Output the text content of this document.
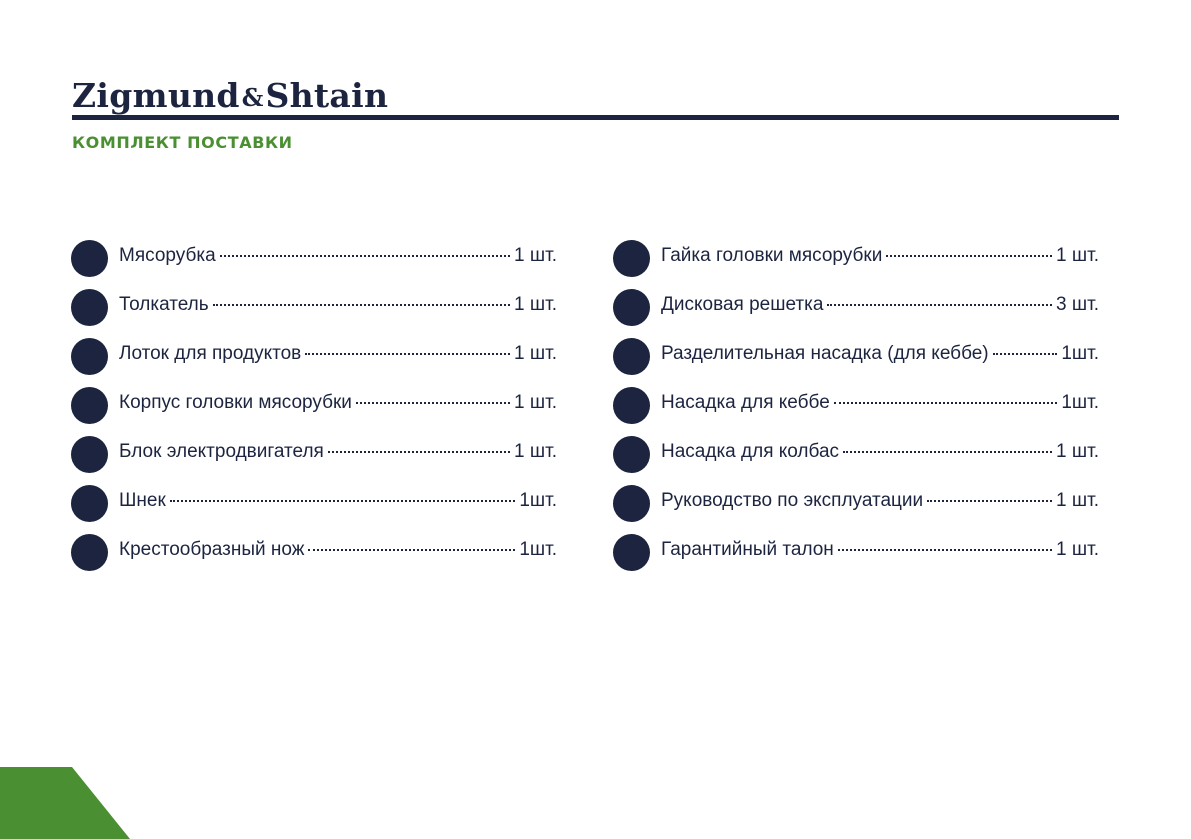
Zigmund & Shtain
КОМПЛЕКТ ПОСТАВКИ
Мясорубка	1 шт.
Толкатель	1 шт.
Лоток для продуктов	1 шт.
Корпус головки мясорубки	1 шт.
Блок электродвигателя	1 шт.
Шнек	1шт.
Крестообразный нож	1шт.
Гайка головки мясорубки	1 шт.
Дисковая решетка	3 шт.
Разделительная насадка (для кеббе)	1шт.
Насадка для кеббе	1шт.
Насадка для колбас	1 шт.
Руководство по эксплуатации	1 шт.
Гарантийный талон	1 шт.
